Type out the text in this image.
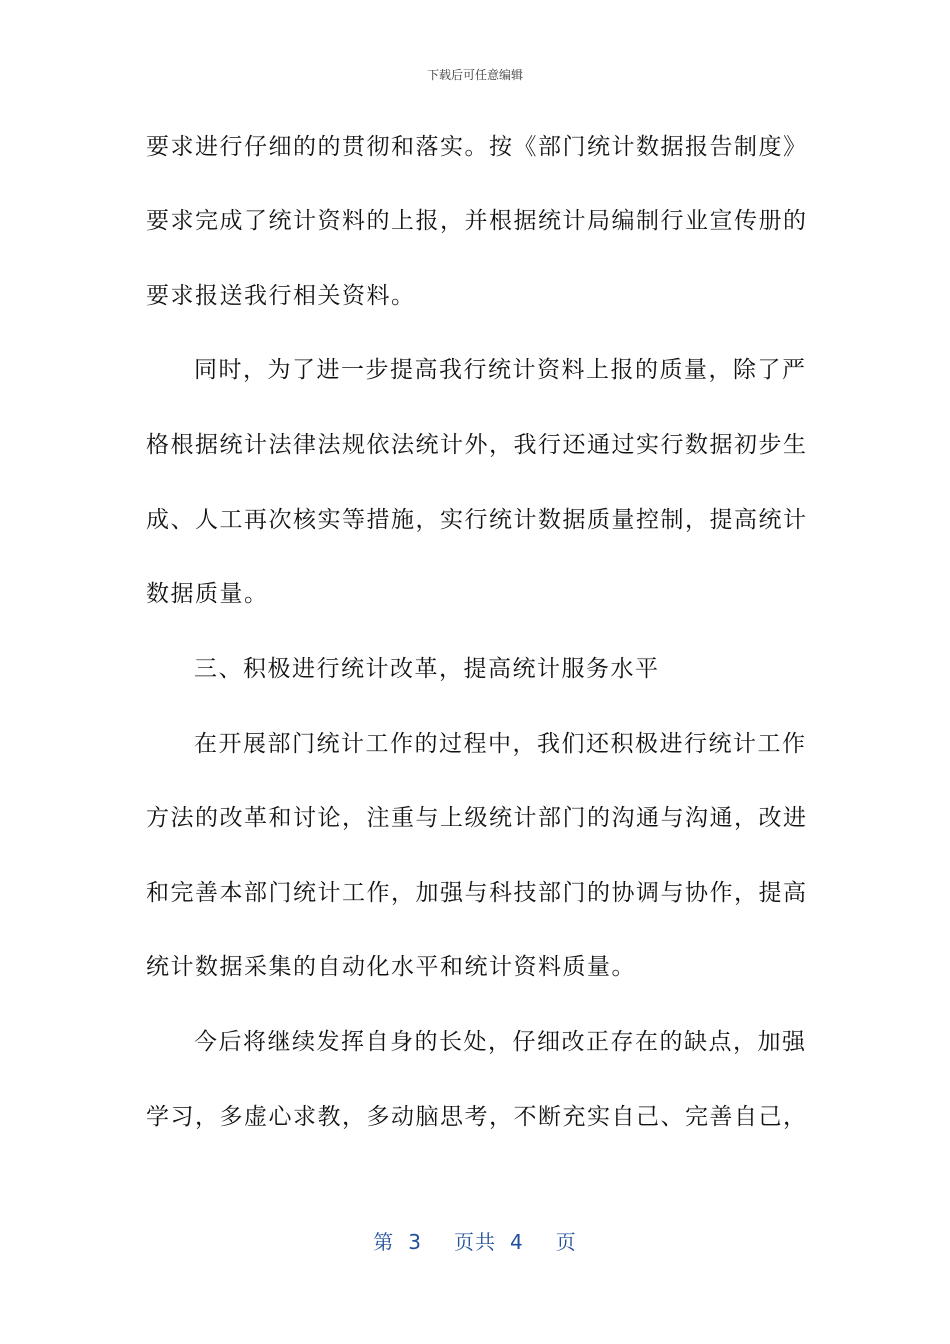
下载后可任意编辑
要求进行仔细的的贯彻和落实。按《部门统计数据报告制度》
要求完成了统计资料的上报，并根据统计局编制行业宣传册的
要求报送我行相关资料。
同时，为了进一步提高我行统计资料上报的质量，除了严
格根据统计法律法规依法统计外，我行还通过实行数据初步生
成、人工再次核实等措施，实行统计数据质量控制，提高统计
数据质量。
三、积极进行统计改革，提高统计服务水平
在开展部门统计工作的过程中，我们还积极进行统计工作
方法的改革和讨论，注重与上级统计部门的沟通与沟通，改进
和完善本部门统计工作，加强与科技部门的协调与协作，提高
统计数据采集的自动化水平和统计资料质量。
今后将继续发挥自身的长处，仔细改正存在的缺点，加强
学习，多虚心求教，多动脑思考，不断充实自己、完善自己，
第 3 页共 4 页
